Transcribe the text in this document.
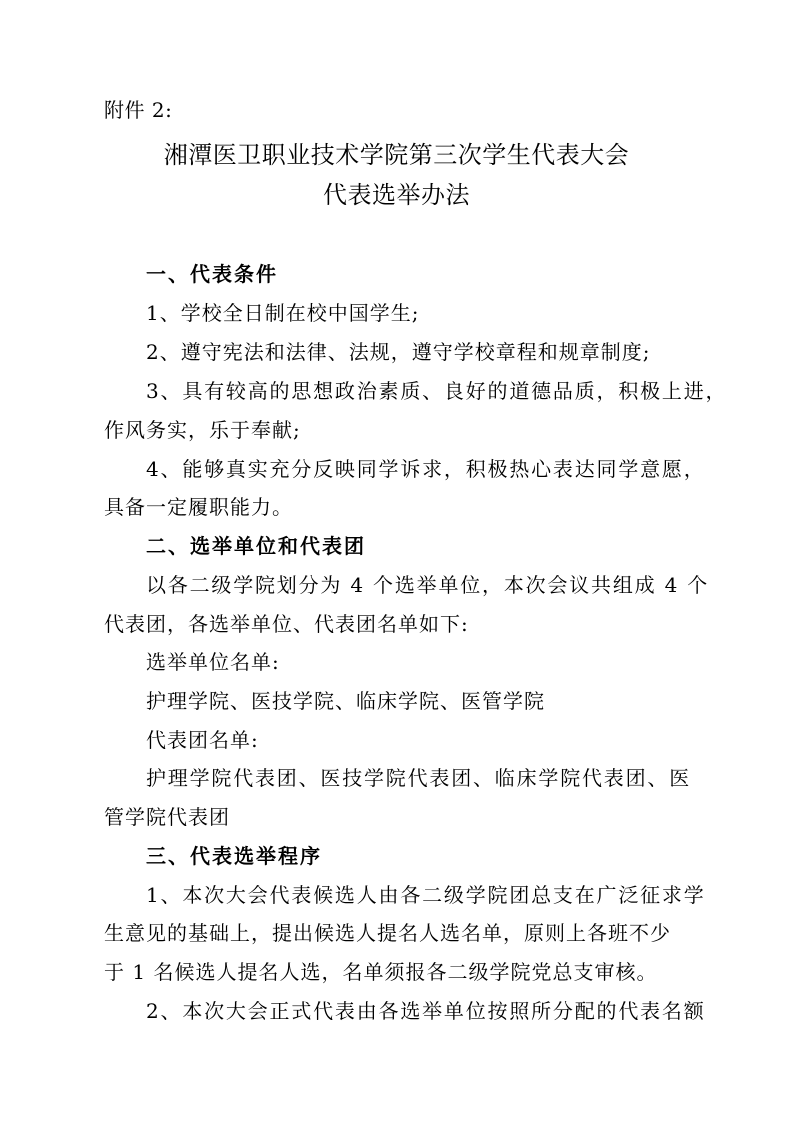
附件 2:
湘潭医卫职业技术学院第三次学生代表大会
代表选举办法
一、代表条件
1、学校全日制在校中国学生;
2、遵守宪法和法律、法规，遵守学校章程和规章制度;
3、具有较高的思想政治素质、良好的道德品质，积极上进，
作风务实，乐于奉献;
4、能够真实充分反映同学诉求，积极热心表达同学意愿，
具备一定履职能力。
二、选举单位和代表团
以各二级学院划分为 4 个选举单位，本次会议共组成 4 个
代表团，各选举单位、代表团名单如下:
选举单位名单:
护理学院、医技学院、临床学院、医管学院
代表团名单:
护理学院代表团、医技学院代表团、临床学院代表团、医
管学院代表团
三、代表选举程序
1、本次大会代表候选人由各二级学院团总支在广泛征求学
生意见的基础上，提出候选人提名人选名单，原则上各班不少
于 1 名候选人提名人选，名单须报各二级学院党总支审核。
2、本次大会正式代表由各选举单位按照所分配的代表名额
